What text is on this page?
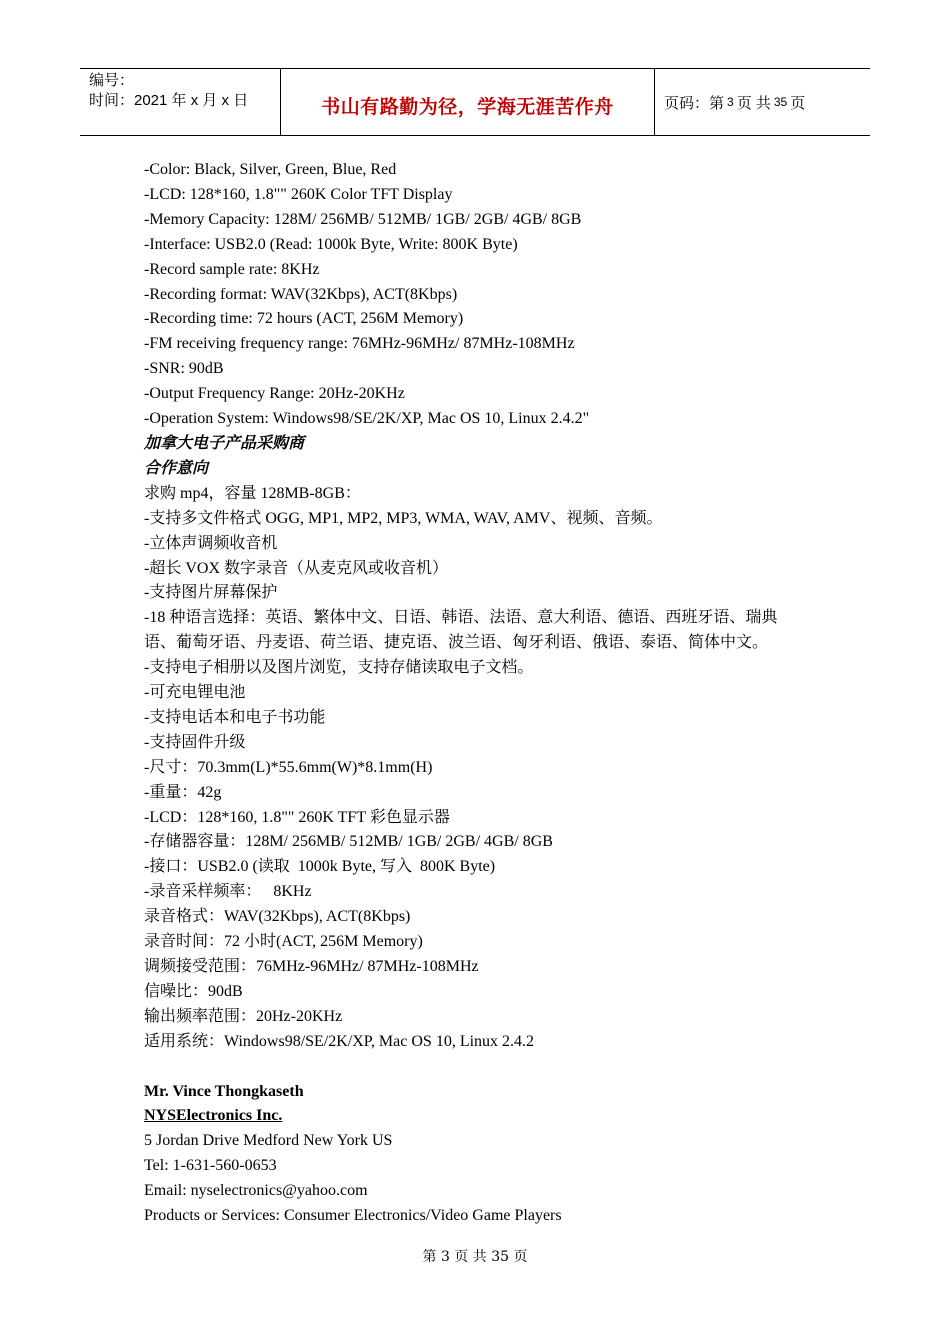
编号：
时间：2021 年 x 月 x 日	书山有路勤为径，学海无涯苦作舟	页码：第 3 页 共 35 页

-Color: Black, Silver, Green, Blue, Red

-LCD: 128*160, 1.8"" 260K Color TFT Display

-Memory Capacity: 128M/ 256MB/ 512MB/ 1GB/ 2GB/ 4GB/ 8GB

-Interface: USB2.0 (Read: 1000k Byte, Write: 800K Byte)

-Record sample rate: 8KHz

-Recording format: WAV(32Kbps), ACT(8Kbps)

-Recording time: 72 hours (ACT, 256M Memory)

-FM receiving frequency range: 76MHz-96MHz/ 87MHz-108MHz

-SNR: 90dB

-Output Frequency Range: 20Hz-20KHz

-Operation System: Windows98/SE/2K/XP, Mac OS 10, Linux 2.4.2"

加拿大电子产品采购商

合作意向

求购 mp4，容量 128MB-8GB：

-支持多文件格式 OGG, MP1, MP2, MP3, WMA, WAV, AMV、视频、音频。

-立体声调频收音机

-超长 VOX 数字录音（从麦克风或收音机）

-支持图片屏幕保护

-18 种语言选择：英语、繁体中文、日语、韩语、法语、意大利语、德语、西班牙语、瑞典

语、葡萄牙语、丹麦语、荷兰语、捷克语、波兰语、匈牙利语、俄语、泰语、简体中文。

-支持电子相册以及图片浏览，支持存储读取电子文档。

-可充电锂电池

-支持电话本和电子书功能

-支持固件升级

-尺寸：70.3mm(L)*55.6mm(W)*8.1mm(H)

-重量：42g

-LCD：128*160, 1.8"" 260K TFT 彩色显示器

-存储器容量：128M/ 256MB/ 512MB/ 1GB/ 2GB/ 4GB/ 8GB

-接口：USB2.0 (读取  1000k Byte, 写入  800K Byte)

-录音采样频率：   8KHz

录音格式：WAV(32Kbps), ACT(8Kbps)

录音时间：72 小时(ACT, 256M Memory)

调频接受范围：76MHz-96MHz/ 87MHz-108MHz

信噪比：90dB

输出频率范围：20Hz-20KHz

适用系统：Windows98/SE/2K/XP, Mac OS 10, Linux 2.4.2

Mr. Vince Thongkaseth

NYSElectronics Inc.

5 Jordan Drive Medford New York US

Tel: 1-631-560-0653

Email: nyselectronics@yahoo.com

Products or Services: Consumer Electronics/Video Game Players

第 3 页 共 35 页
